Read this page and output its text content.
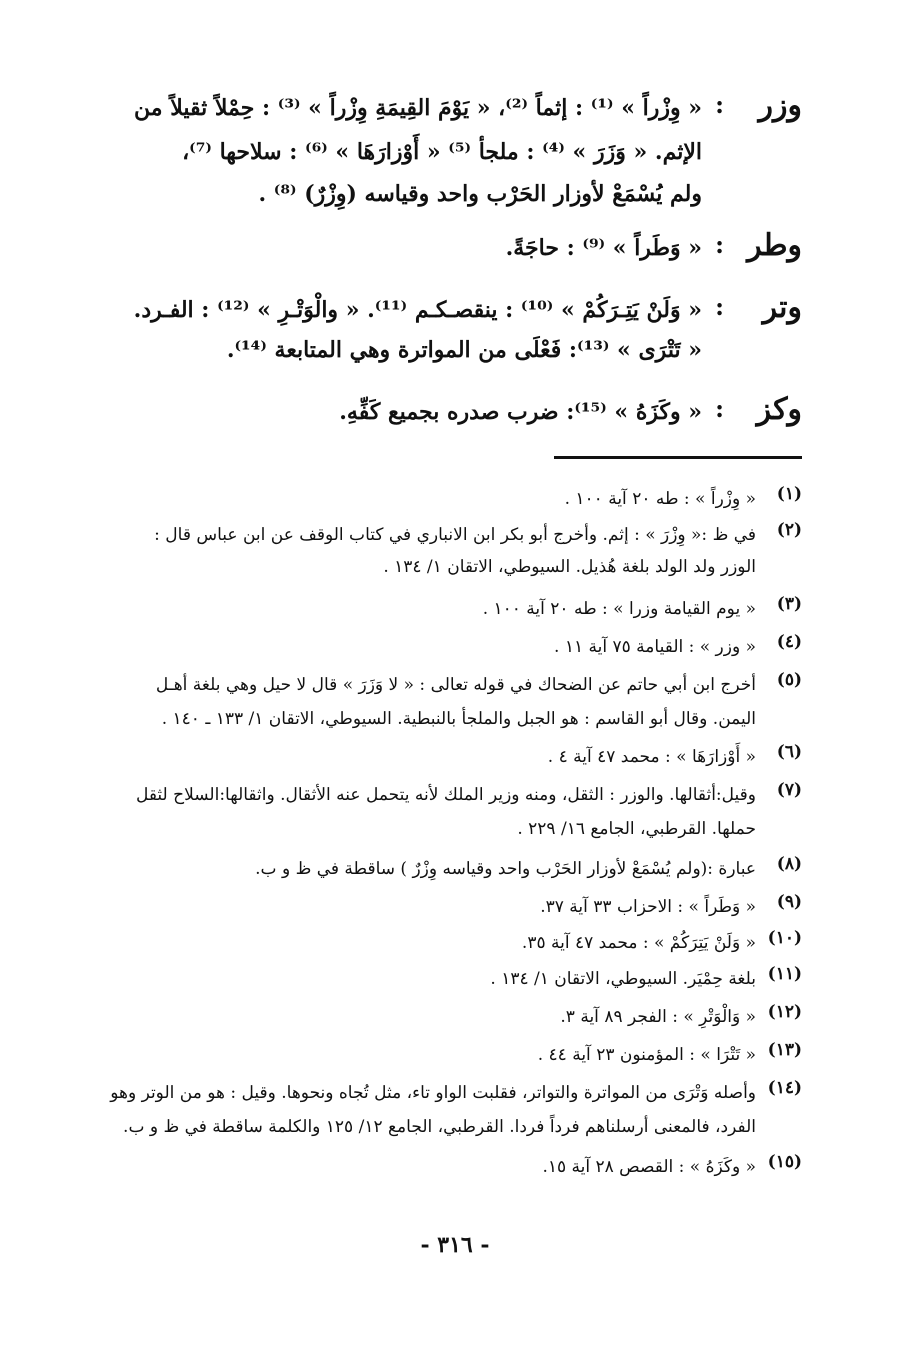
وزر
:
« وِزْراً » ⁽¹⁾ : إثماً ⁽²⁾، « يَوْمَ القِيمَةِ وِزْراً » ⁽³⁾ : حِمْلاً ثقيلاً من
الإثم. « وَزَرَ » ⁽⁴⁾ : ملجأ ⁽⁵⁾ « أَوْزارَهَا » ⁽⁶⁾ : سلاحها ⁽⁷⁾،
ولم يُسْمَعْ لأوزار الحَرْب واحد وقياسه (وِزْرٌ) ⁽⁸⁾ .
وطر
:
« وَطَراً » ⁽⁹⁾ : حاجَةً.
وتر
:
« وَلَنْ يَتِـرَكُمْ » ⁽¹⁰⁾ : ينقصـكـم ⁽¹¹⁾. « والْوَتْـرِ » ⁽¹²⁾ : الفـرد.
« تَتْرَى » ⁽¹³⁾: فَعْلَى من المواترة وهي المتابعة ⁽¹⁴⁾.
وكز
:
« وكَزَهُ » ⁽¹⁵⁾: ضرب صدره بجميع كَفِّهِ.
(١)
« وِزْراً » : طه ٢٠ آية ١٠٠ .
(٢)
في ظ :« وِزْرَ » : إثم. وأخرج أبو بكر ابن الانباري في كتاب الوقف عن ابن عباس قال :
الوزر ولد الولد بلغة هُذيل. السيوطي، الاتقان ١/ ١٣٤ .
(٣)
« يوم القيامة وزرا » : طه ٢٠ آية ١٠٠ .
(٤)
« وزر » : القيامة ٧٥ آية ١١ .
(٥)
أخرج ابن أبي حاتم عن الضحاك في قوله تعالى : « لا وَزَرَ » قال لا حيل وهي بلغة أهـل
اليمن. وقال أبو القاسم : هو الجبل والملجأ بالنبطية. السيوطي، الاتقان ١/ ١٣٣ ـ ١٤٠ .
(٦)
« أَوْزارَهَا » : محمد ٤٧ آية ٤ .
(٧)
وقيل:أثقالها. والوزر : الثقل، ومنه وزير الملك لأنه يتحمل عنه الأثقال. واثقالها:السلاح لثقل
حملها. القرطبي، الجامع ١٦/ ٢٢٩ .
(٨)
عبارة :(ولم يُسْمَعْ لأوزار الحَرْب واحد وقياسه وِزْرٌ ) ساقطة في ظ و ب.
(٩)
« وَطَراً » : الاحزاب ٣٣ آية ٣٧.
(١٠)
« وَلَنْ يَتِرَكُمْ » : محمد ٤٧ آية ٣٥.
(١١)
بلغة حِمْيَر. السيوطي، الاتقان ١/ ١٣٤ .
(١٢)
« وَالْوَتْرِ » : الفجر ٨٩ آية ٣.
(١٣)
« تَتْرَا » : المؤمنون ٢٣ آية ٤٤ .
(١٤)
وأصله وَتْرَى من المواترة والتواتر، فقلبت الواو تاء، مثل تُجاه ونحوها. وقيل : هو من الوتر وهو
الفرد، فالمعنى أرسلناهم فرداً فردا. القرطبي، الجامع ١٢/ ١٢٥ والكلمة ساقطة في ظ و ب.
(١٥)
« وكَزَهُ » : القصص ٢٨ آية ١٥.
- ٣١٦ -
